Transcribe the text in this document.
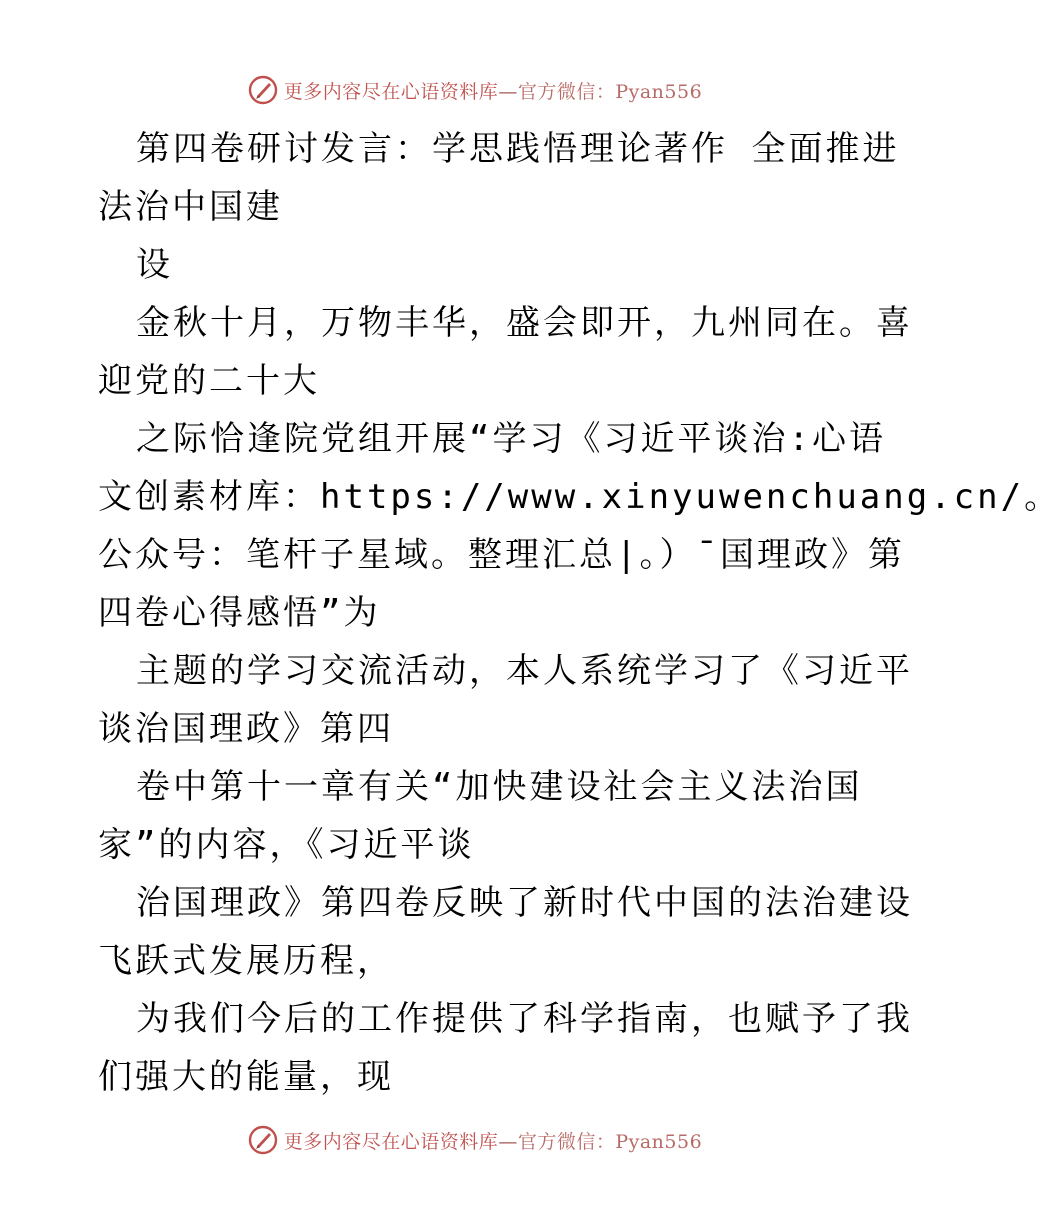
更多内容尽在心语资料库—官方微信：Pyan556
第四卷研讨发言：学思践悟理论著作 全面推进
法治中国建
设
金秋十月，万物丰华，盛会即开，九州同在。喜
迎党的二十大
之际恰逢院党组开展“学习《习近平谈治:心语
文创素材库：https://www.xinyuwenchuang.cn/。
公众号：笔杆子星域。整理汇总|。）¯国理政》第
四卷心得感悟”为
主题的学习交流活动，本人系统学习了《习近平
谈治国理政》第四
卷中第十一章有关“加快建设社会主义法治国
家”的内容，《习近平谈
治国理政》第四卷反映了新时代中国的法治建设
飞跃式发展历程，
为我们今后的工作提供了科学指南，也赋予了我
们强大的能量，现
更多内容尽在心语资料库—官方微信：Pyan556
